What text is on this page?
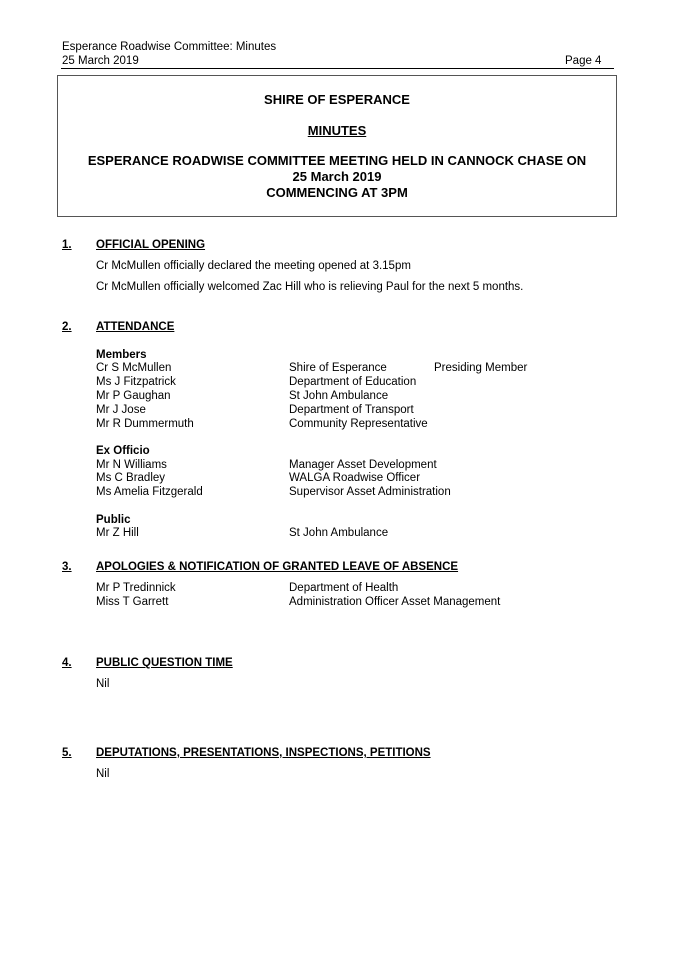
Esperance Roadwise Committee: Minutes
25 March 2019	Page 4
SHIRE OF ESPERANCE
MINUTES
ESPERANCE ROADWISE COMMITTEE MEETING HELD IN CANNOCK CHASE ON
25 March 2019
COMMENCING AT 3PM
1. OFFICIAL OPENING
Cr McMullen officially declared the meeting opened at 3.15pm
Cr McMullen officially welcomed Zac Hill who is relieving Paul for the next 5 months.
2. ATTENDANCE
Members
Cr S McMullen	Shire of Esperance	Presiding Member
Ms J Fitzpatrick	Department of Education
Mr P Gaughan	St John Ambulance
Mr J Jose	Department of Transport
Mr R Dummermuth	Community Representative
Ex Officio
Mr N Williams	Manager Asset Development
Ms C Bradley	WALGA Roadwise Officer
Ms Amelia Fitzgerald	Supervisor Asset Administration
Public
Mr Z Hill	St John Ambulance
3. APOLOGIES & NOTIFICATION OF GRANTED LEAVE OF ABSENCE
Mr P Tredinnick	Department of Health
Miss T Garrett	Administration Officer Asset Management
4. PUBLIC QUESTION TIME
Nil
5. DEPUTATIONS, PRESENTATIONS, INSPECTIONS, PETITIONS
Nil
